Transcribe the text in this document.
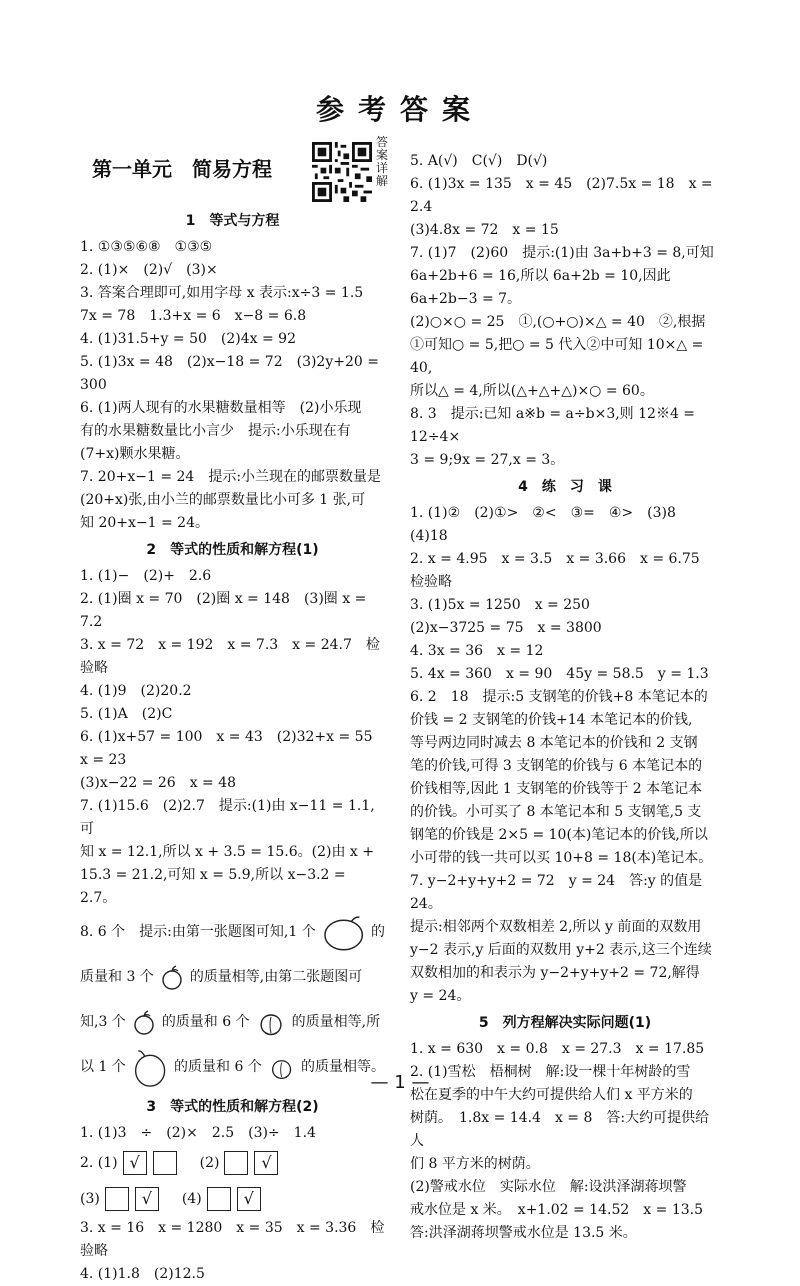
参考答案
第一单元　简易方程
答案详解
1　等式与方程
1. ①③⑤⑥⑧　①③⑤
2. (1)×　(2)√　(3)×
3. 答案合理即可,如用字母 x 表示:x÷3 = 1.5
7x = 78　1.3+x = 6　x−8 = 6.8
4. (1)31.5+y = 50　(2)4x = 92
5. (1)3x = 48　(2)x−18 = 72　(3)2y+20 = 300
6. (1)两人现有的水果糖数量相等　(2)小乐现
有的水果糖数量比小言少　提示:小乐现在有
(7+x)颗水果糖。
7. 20+x−1 = 24　提示:小兰现在的邮票数量是
(20+x)张,由小兰的邮票数量比小可多 1 张,可
知 20+x−1 = 24。
2　等式的性质和解方程(1)
1. (1)−　(2)+　2.6
2. (1)圈 x = 70　(2)圈 x = 148　(3)圈 x = 7.2
3. x = 72　x = 192　x = 7.3　x = 24.7　检验略
4. (1)9　(2)20.2
5. (1)A　(2)C
6. (1)x+57 = 100　x = 43　(2)32+x = 55　x = 23
(3)x−22 = 26　x = 48
7. (1)15.6　(2)2.7　提示:(1)由 x−11 = 1.1,可
知 x = 12.1,所以 x + 3.5 = 15.6。(2)由 x +
15.3 = 21.2,可知 x = 5.9,所以 x−3.2 = 2.7。
8. 6 个　提示:由第一张题图可知,1 个	的
质量和 3 个	的质量相等,由第二张题图可
知,3 个	的质量和 6 个	的质量相等,所
以 1 个	的质量和 6 个	的质量相等。
3　等式的性质和解方程(2)
1. (1)3　÷　(2)×　2.5　(3)÷　1.4
2. (1) √	(2)	√
(3)	√	(4)	√
3. x = 16　x = 1280　x = 35　x = 3.36　检验略
4. (1)1.8　(2)12.5
5. A(√)　C(√)　D(√)
6. (1)3x = 135　x = 45　(2)7.5x = 18　x = 2.4
(3)4.8x = 72　x = 15
7. (1)7　(2)60　提示:(1)由 3a+b+3 = 8,可知
6a+2b+6 = 16,所以 6a+2b = 10,因此 6a+2b−3 = 7。
(2)○×○ = 25　①,(○+○)×△ = 40　②,根据
①可知○ = 5,把○ = 5 代入②中可知 10×△ = 40,
所以△ = 4,所以(△+△+△)×○ = 60。
8. 3　提示:已知 a※b = a÷b×3,则 12※4 = 12÷4×
3 = 9;9x = 27,x = 3。
4　练　习　课
1. (1)②　(2)①>　②<　③=　④>　(3)8
(4)18
2. x = 4.95　x = 3.5　x = 3.66　x = 6.75　检验略
3. (1)5x = 1250　x = 250
(2)x−3725 = 75　x = 3800
4. 3x = 36　x = 12
5. 4x = 360　x = 90　45y = 58.5　y = 1.3
6. 2　18　提示:5 支钢笔的价钱+8 本笔记本的
价钱 = 2 支钢笔的价钱+14 本笔记本的价钱,
等号两边同时减去 8 本笔记本的价钱和 2 支钢
笔的价钱,可得 3 支钢笔的价钱与 6 本笔记本的
价钱相等,因此 1 支钢笔的价钱等于 2 本笔记本
的价钱。小可买了 8 本笔记本和 5 支钢笔,5 支
钢笔的价钱是 2×5 = 10(本)笔记本的价钱,所以
小可带的钱一共可以买 10+8 = 18(本)笔记本。
7. y−2+y+y+2 = 72　y = 24　答:y 的值是 24。
提示:相邻两个双数相差 2,所以 y 前面的双数用
y−2 表示,y 后面的双数用 y+2 表示,这三个连续
双数相加的和表示为 y−2+y+y+2 = 72,解得
y = 24。
5　列方程解决实际问题(1)
1. x = 630　x = 0.8　x = 27.3　x = 17.85
2. (1)雪松　梧桐树　解:设一棵十年树龄的雪
松在夏季的中午大约可提供给人们 x 平方米的
树荫。　1.8x = 14.4　x = 8　答:大约可提供给人
们 8 平方米的树荫。
(2)警戒水位　实际水位　解:设洪泽湖蒋坝警
戒水位是 x 米。　x+1.02 = 14.52　x = 13.5
答:洪泽湖蒋坝警戒水位是 13.5 米。
— 1 —
